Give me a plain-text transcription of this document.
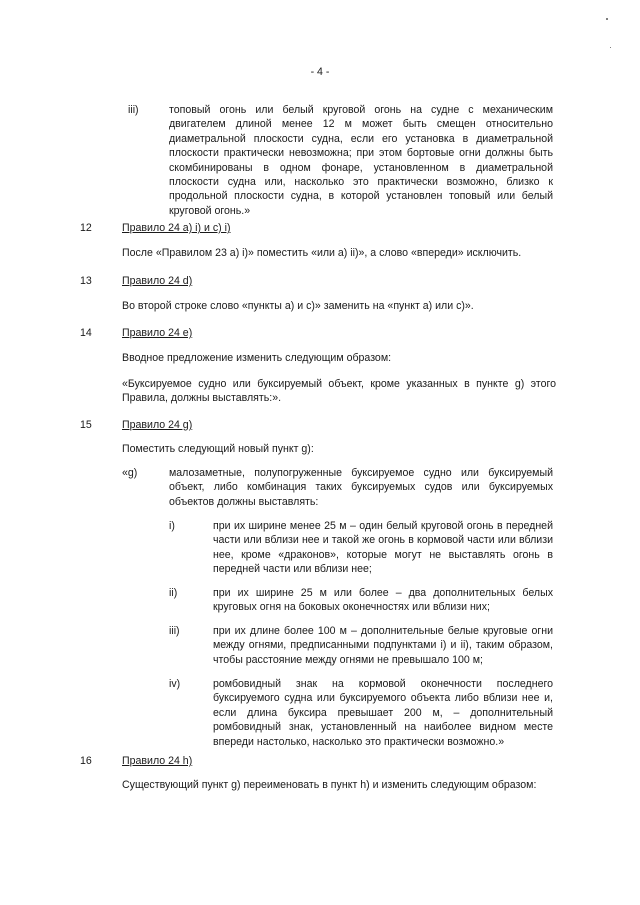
- 4 -

iii)	топовый огонь или белый круговой огонь на судне с механическим двигателем длиной менее 12 м может быть смещен относительно диаметральной плоскости судна, если его установка в диаметральной плоскости практически невозможна; при этом бортовые огни должны быть скомбинированы в одном фонаре, установленном в диаметральной плоскости судна или, насколько это практически возможно, близко к продольной плоскости судна, в которой установлен топовый или белый круговой огонь.»

12	Правило 24 a) i) и c) i)

После «Правилом 23 a) i)» поместить «или a) ii)», а слово «впереди» исключить.

13	Правило 24 d)

Во второй строке слово «пункты a) и c)» заменить на «пункт a) или c)».

14	Правило 24 e)

Вводное предложение изменить следующим образом:

«Буксируемое судно или буксируемый объект, кроме указанных в пункте g) этого Правила, должны выставлять:».

15	Правило 24 g)

Поместить следующий новый пункт g):

«g)	малозаметные, полупогруженные буксируемое судно или буксируемый объект, либо комбинация таких буксируемых судов или буксируемых объектов должны выставлять:

i)	при их ширине менее 25 м – один белый круговой огонь в передней части или вблизи нее и такой же огонь в кормовой части или вблизи нее, кроме «драконов», которые могут не выставлять огонь в передней части или вблизи нее;

ii)	при их ширине 25 м или более – два дополнительных белых круговых огня на боковых оконечностях или вблизи них;

iii)	при их длине более 100 м – дополнительные белые круговые огни между огнями, предписанными подпунктами i) и ii), таким образом, чтобы расстояние между огнями не превышало 100 м;

iv)	ромбовидный знак на кормовой оконечности последнего буксируемого судна или буксируемого объекта либо вблизи нее и, если длина буксира превышает 200 м, – дополнительный ромбовидный знак, установленный на наиболее видном месте впереди настолько, насколько это практически возможно.»

16	Правило 24 h)

Существующий пункт g) переименовать в пункт h) и изменить следующим образом:
